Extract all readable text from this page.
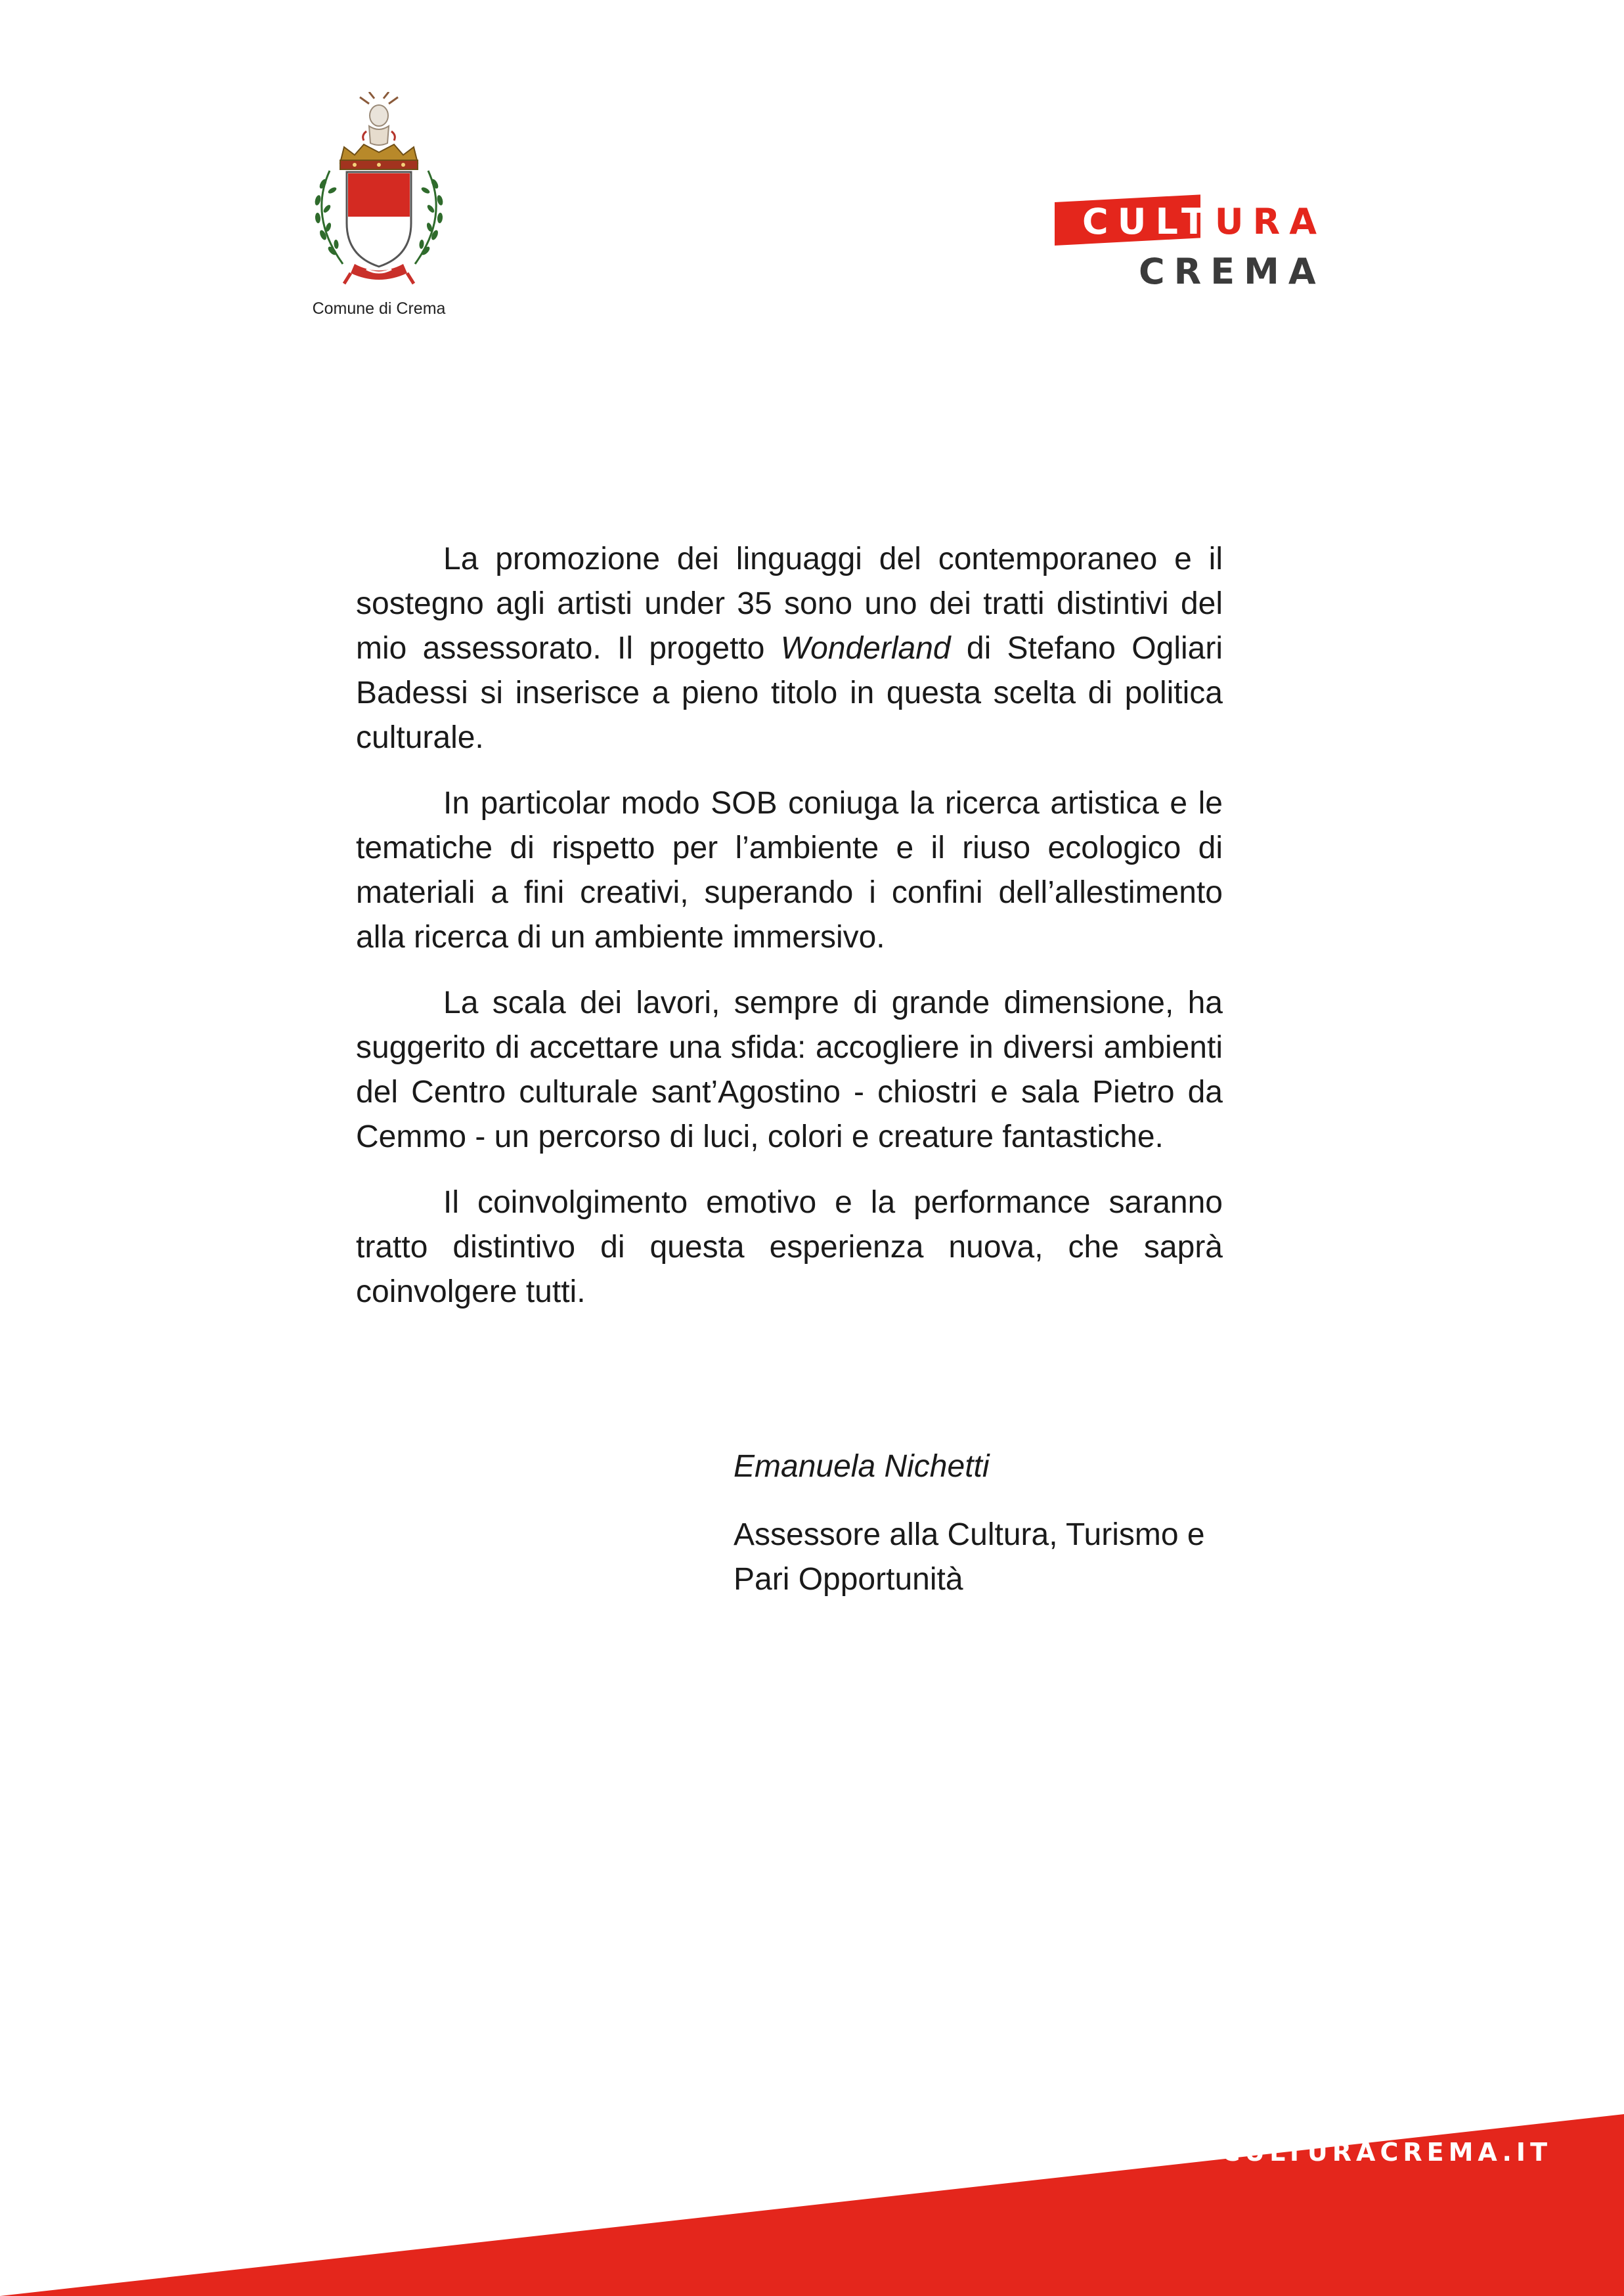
Comune di Crema
CULTURA
CREMA

La promozione dei linguaggi del contemporaneo e il sostegno agli artisti under 35 sono uno dei tratti distintivi del mio assessorato. Il progetto Wonderland di Stefano Ogliari Badessi si inserisce a pieno titolo in questa scelta di politica culturale.

In particolar modo SOB coniuga la ricerca artistica e le tematiche di rispetto per l’ambiente e il riuso ecologico di materiali a fini creativi, superando i confini dell’allestimento alla ricerca di un ambiente immersivo.

La scala dei lavori, sempre di grande dimensione, ha suggerito di accettare una sfida: accogliere in diversi ambienti del Centro culturale sant’Agostino - chiostri e sala Pietro da Cemmo - un percorso di luci, colori e creature fantastiche.

Il coinvolgimento emotivo e la performance saranno tratto distintivo di questa esperienza nuova, che saprà coinvolgere tutti.

Emanuela Nichetti

Assessore alla Cultura, Turismo e

Pari Opportunità

CULTURACREMA.IT
